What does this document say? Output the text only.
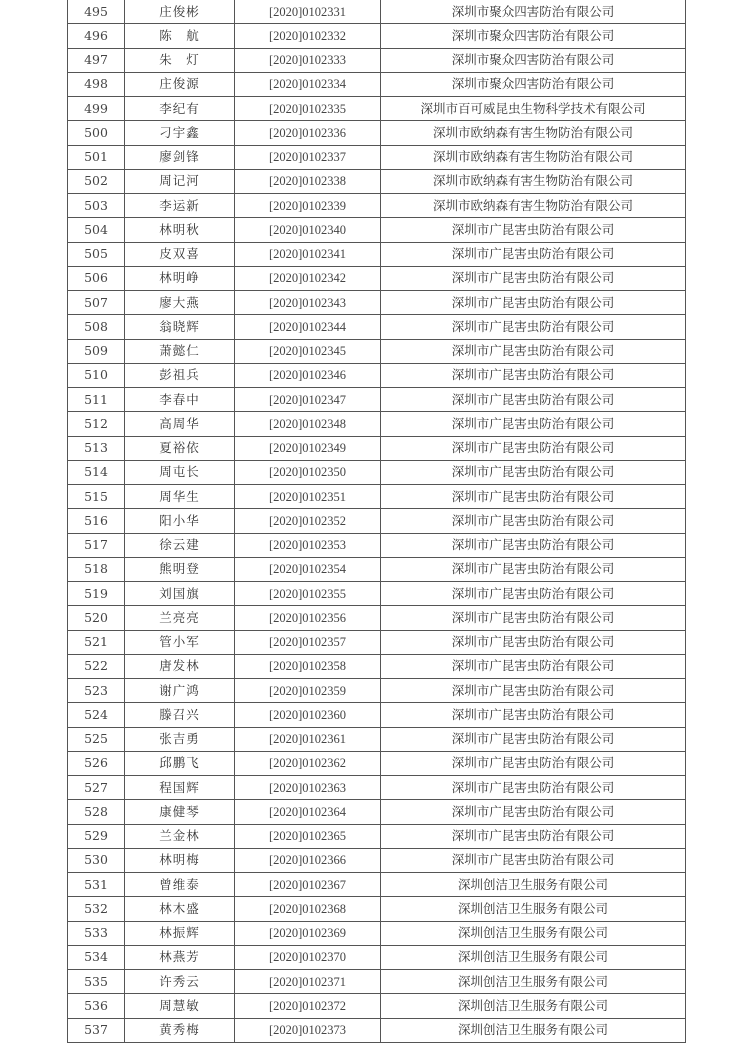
495	庄俊彬	[2020]0102331	深圳市聚众四害防治有限公司
496	陈　航	[2020]0102332	深圳市聚众四害防治有限公司
497	朱　灯	[2020]0102333	深圳市聚众四害防治有限公司
498	庄俊源	[2020]0102334	深圳市聚众四害防治有限公司
499	李纪有	[2020]0102335	深圳市百可威昆虫生物科学技术有限公司
500	刁宇鑫	[2020]0102336	深圳市欧纳森有害生物防治有限公司
501	廖剑锋	[2020]0102337	深圳市欧纳森有害生物防治有限公司
502	周记河	[2020]0102338	深圳市欧纳森有害生物防治有限公司
503	李运新	[2020]0102339	深圳市欧纳森有害生物防治有限公司
504	林明秋	[2020]0102340	深圳市广昆害虫防治有限公司
505	皮双喜	[2020]0102341	深圳市广昆害虫防治有限公司
506	林明峥	[2020]0102342	深圳市广昆害虫防治有限公司
507	廖大燕	[2020]0102343	深圳市广昆害虫防治有限公司
508	翁晓辉	[2020]0102344	深圳市广昆害虫防治有限公司
509	萧懿仁	[2020]0102345	深圳市广昆害虫防治有限公司
510	彭祖兵	[2020]0102346	深圳市广昆害虫防治有限公司
511	李春中	[2020]0102347	深圳市广昆害虫防治有限公司
512	高周华	[2020]0102348	深圳市广昆害虫防治有限公司
513	夏裕依	[2020]0102349	深圳市广昆害虫防治有限公司
514	周屯长	[2020]0102350	深圳市广昆害虫防治有限公司
515	周华生	[2020]0102351	深圳市广昆害虫防治有限公司
516	阳小华	[2020]0102352	深圳市广昆害虫防治有限公司
517	徐云建	[2020]0102353	深圳市广昆害虫防治有限公司
518	熊明登	[2020]0102354	深圳市广昆害虫防治有限公司
519	刘国旗	[2020]0102355	深圳市广昆害虫防治有限公司
520	兰亮亮	[2020]0102356	深圳市广昆害虫防治有限公司
521	管小军	[2020]0102357	深圳市广昆害虫防治有限公司
522	唐发林	[2020]0102358	深圳市广昆害虫防治有限公司
523	谢广鸿	[2020]0102359	深圳市广昆害虫防治有限公司
524	滕召兴	[2020]0102360	深圳市广昆害虫防治有限公司
525	张吉勇	[2020]0102361	深圳市广昆害虫防治有限公司
526	邱鹏飞	[2020]0102362	深圳市广昆害虫防治有限公司
527	程国辉	[2020]0102363	深圳市广昆害虫防治有限公司
528	康健琴	[2020]0102364	深圳市广昆害虫防治有限公司
529	兰金林	[2020]0102365	深圳市广昆害虫防治有限公司
530	林明梅	[2020]0102366	深圳市广昆害虫防治有限公司
531	曾维泰	[2020]0102367	深圳创洁卫生服务有限公司
532	林木盛	[2020]0102368	深圳创洁卫生服务有限公司
533	林振辉	[2020]0102369	深圳创洁卫生服务有限公司
534	林燕芳	[2020]0102370	深圳创洁卫生服务有限公司
535	许秀云	[2020]0102371	深圳创洁卫生服务有限公司
536	周慧敏	[2020]0102372	深圳创洁卫生服务有限公司
537	黄秀梅	[2020]0102373	深圳创洁卫生服务有限公司
